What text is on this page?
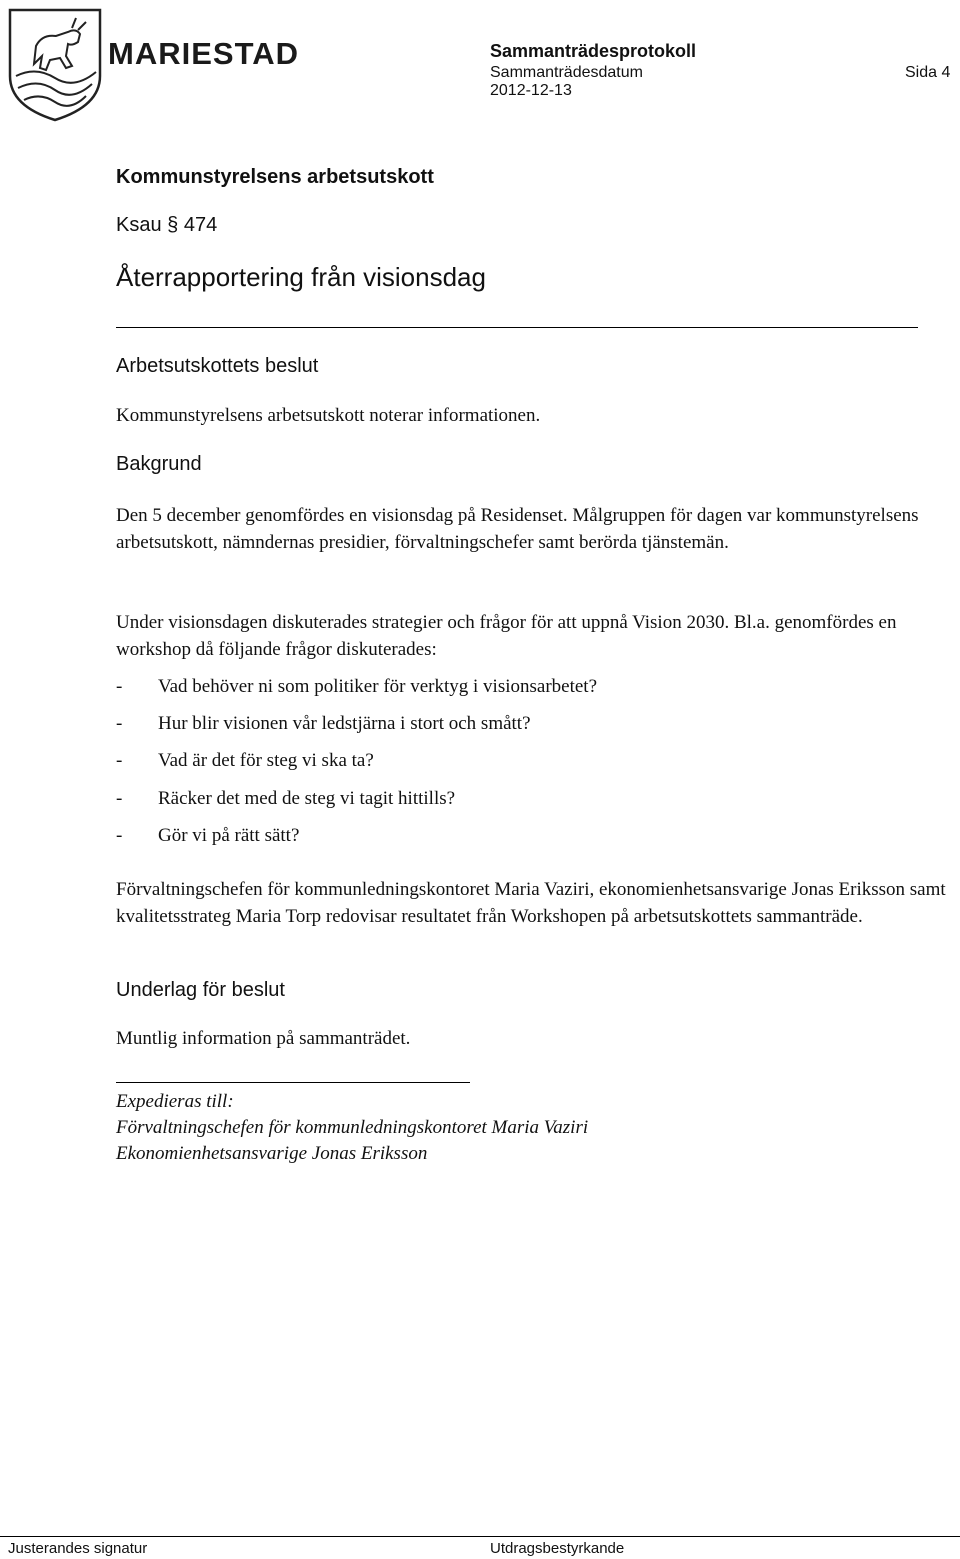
MARIESTAD	Sammanträdesprotokoll
Sammanträdesdatum
2012-12-13
Sida 4
Kommunstyrelsens arbetsutskott
Ksau § 474
Återrapportering från visionsdag
Arbetsutskottets beslut
Kommunstyrelsens arbetsutskott noterar informationen.
Bakgrund
Den 5 december genomfördes en visionsdag på Residenset. Målgruppen för dagen var kommunstyrelsens arbetsutskott, nämndernas presidier, förvaltningschefer samt berörda tjänstemän.
Under visionsdagen diskuterades strategier och frågor för att uppnå Vision 2030. Bl.a. genomfördes en workshop då följande frågor diskuterades:
- Vad behöver ni som politiker för verktyg i visionsarbetet?
- Hur blir visionen vår ledstjärna i stort och smått?
- Vad är det för steg vi ska ta?
- Räcker det med de steg vi tagit hittills?
- Gör vi på rätt sätt?
Förvaltningschefen för kommunledningskontoret Maria Vaziri, ekonomienhetsansvarige Jonas Eriksson samt kvalitetsstrateg Maria Torp redovisar resultatet från Workshopen på arbetsutskottets sammanträde.
Underlag för beslut
Muntlig information på sammanträdet.
Expedieras till:
Förvaltningschefen för kommunledningskontoret Maria Vaziri
Ekonomienhetsansvarige Jonas Eriksson
Justerandes signatur	Utdragsbestyrkande
